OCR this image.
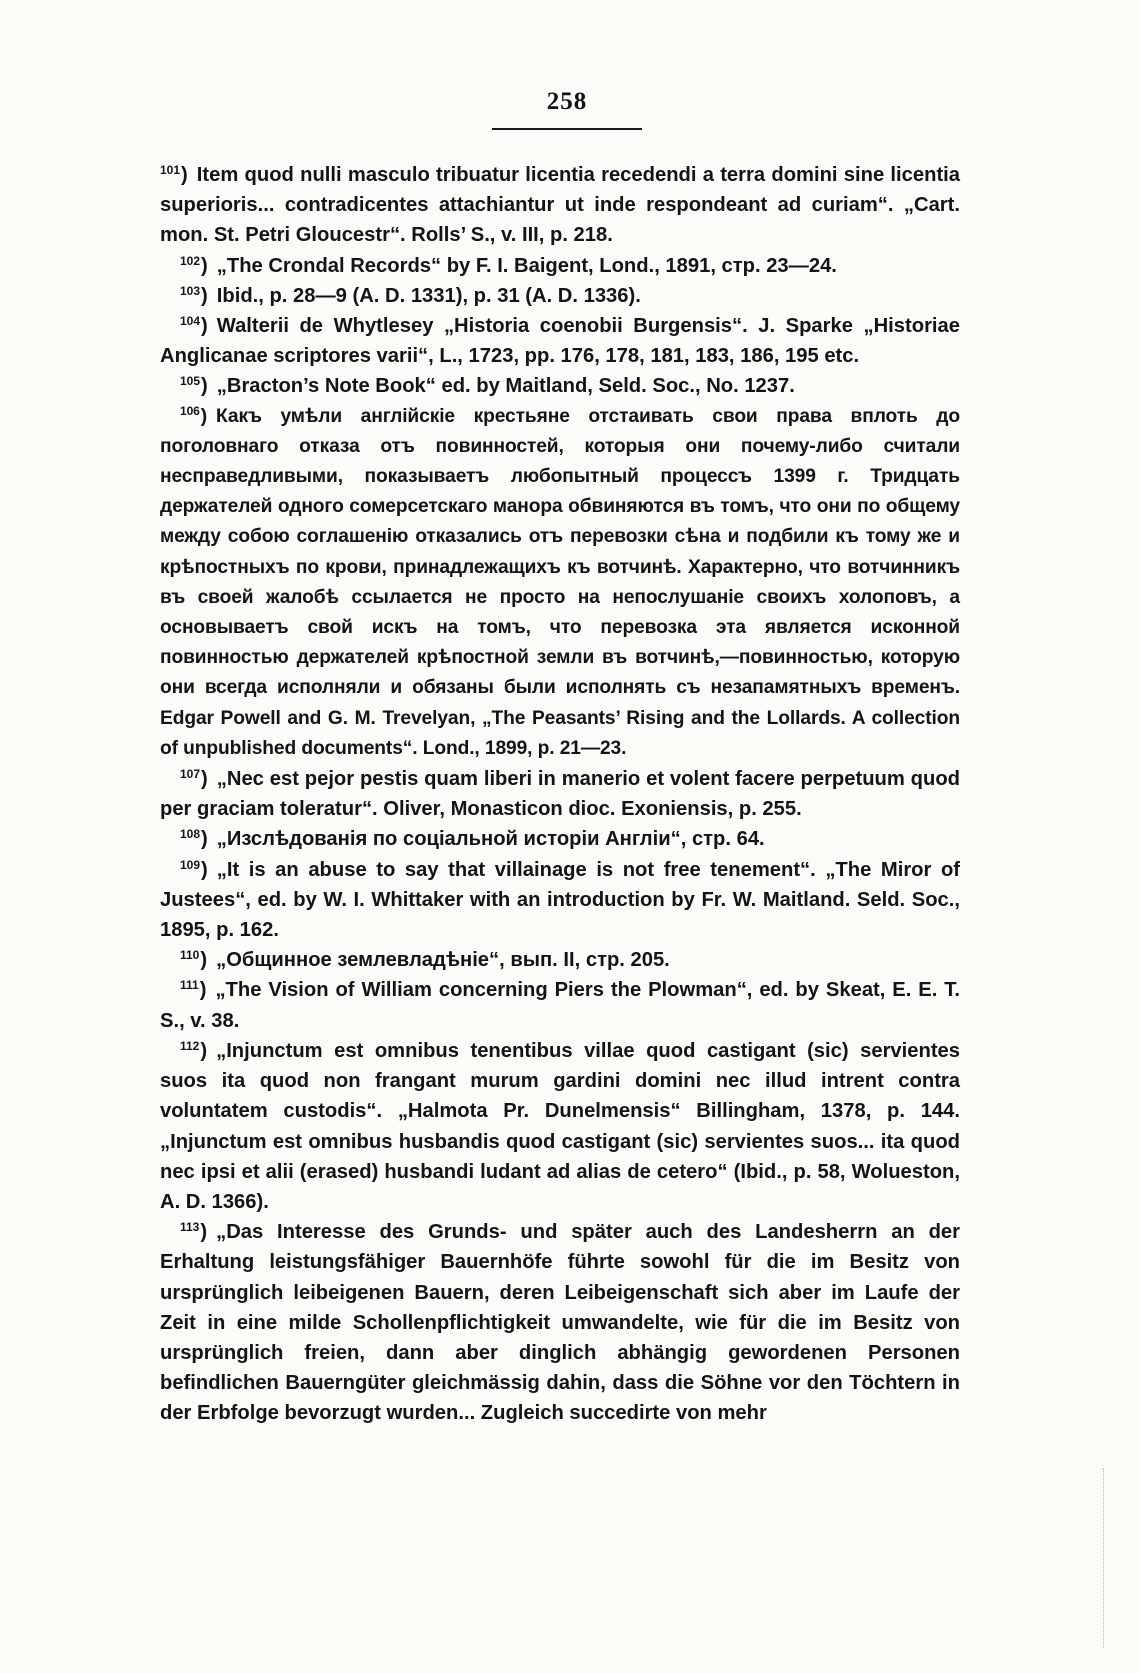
258

$^{101}$) Item quod nulli masculo tribuatur licentia recedendi a terra domini sine licentia superioris... contradicentes attachiantur ut inde respondeant ad curiam“. „Cart. mon. St. Petri Gloucestr“. Rolls’ S., v. III, p. 218.

$^{102}$) „The Crondal Records“ by F. I. Baigent, Lond., 1891, стр. 23—24.

$^{103}$) Ibid., p. 28—9 (A. D. 1331), p. 31 (A. D. 1336).

$^{104}$) Walterii de Whytlesey „Historia coenobii Burgensis“. J. Sparke „Historiae Anglicanae scriptores varii“, L., 1723, pp. 176, 178, 181, 183, 186, 195 etc.

$^{105}$) „Bracton’s Note Book“ ed. by Maitland, Seld. Soc., No. 1237.

$^{106}$) Какъ умѣли англійскіе крестьяне отстаивать свои права вплоть до поголовнаго отказа отъ повинностей, которыя они почему-либо считали несправедливыми, показываетъ любопытный процессъ 1399 г. Тридцать держателей одного сомерсетскаго манора обвиняются въ томъ, что они по общему между собою соглашенію отказались отъ перевозки сѣна и подбили къ тому же и крѣпостныхъ по крови, принадлежащихъ къ вотчинѣ. Характерно, что вотчинникъ въ своей жалобѣ ссылается не просто на непослушаніе своихъ холоповъ, а основываетъ свой искъ на томъ, что перевозка эта является исконной повинностью держателей крѣпостной земли въ вотчинѣ,—повинностью, которую они всегда исполняли и обязаны были исполнять съ незапамятныхъ временъ. Edgar Powell and G. M. Trevelyan, „The Peasants’ Rising and the Lollards. A collection of unpublished documents“. Lond., 1899, p. 21—23.

$^{107}$) „Nec est pejor pestis quam liberi in manerio et volent facere perpetuum quod per graciam toleratur“. Oliver, Monasticon dioc. Exoniensis, p. 255.

$^{108}$) „Изслѣдованія по соціальной исторіи Англіи“, стр. 64.

$^{109}$) „It is an abuse to say that villainage is not free tenement“. „The Miror of Justees“, ed. by W. I. Whittaker with an introduction by Fr. W. Maitland. Seld. Soc., 1895, p. 162.

$^{110}$) „Общинное землевладѣніе“, вып. II, стр. 205.

$^{111}$) „The Vision of William concerning Piers the Plowman“, ed. by Skeat, E. E. T. S., v. 38.

$^{112}$) „Injunctum est omnibus tenentibus villae quod castigant (sic) servientes suos ita quod non frangant murum gardini domini nec illud intrent contra voluntatem custodis“. „Halmota Pr. Dunelmensis“ Billingham, 1378, p. 144. „Injunctum est omnibus husbandis quod castigant (sic) servientes suos... ita quod nec ipsi et alii (erased) husbandi ludant ad alias de cetero“ (Ibid., p. 58, Wolueston, A. D. 1366).

$^{113}$) „Das Interesse des Grunds- und später auch des Landesherrn an der Erhaltung leistungsfähiger Bauernhöfe führte sowohl für die im Besitz von ursprünglich leibeigenen Bauern, deren Leibeigenschaft sich aber im Laufe der Zeit in eine milde Schollenpflichtigkeit umwandelte, wie für die im Besitz von ursprünglich freien, dann aber dinglich abhängig gewordenen Personen befindlichen Bauerngüter gleichmässig dahin, dass die Söhne vor den Töchtern in der Erbfolge bevorzugt wurden... Zugleich succedirte von mehr
